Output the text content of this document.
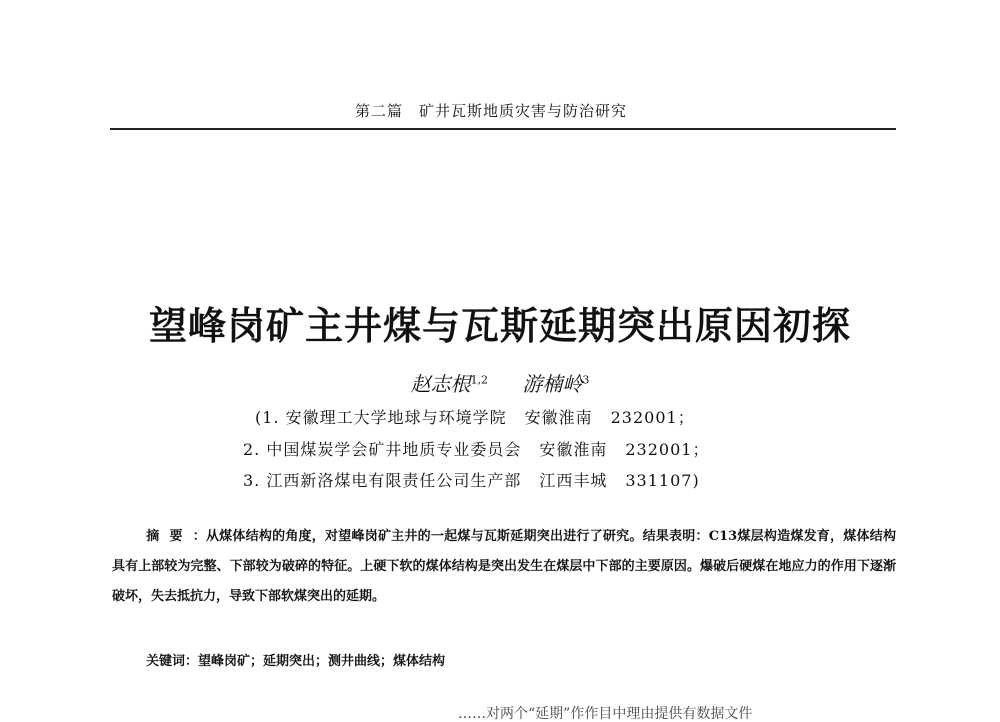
第二篇　矿井瓦斯地质灾害与防治研究
望峰岗矿主井煤与瓦斯延期突出原因初探
赵志根$^{1,2}$ 游楠岭$^3$
(1. 安徽理工大学地球与环境学院 安徽淮南 232001；
2. 中国煤炭学会矿井地质专业委员会 安徽淮南 232001；
3. 江西新洛煤电有限责任公司生产部 江西丰城 331107)
摘要：从煤体结构的角度，对望峰岗矿主井的一起煤与瓦斯延期突出进行了研究。结果表明：C13煤层构造煤发育，煤体结构具有上部较为完整、下部较为破碎的特征。上硬下软的煤体结构是突出发生在煤层中下部的主要原因。爆破后硬煤在地应力的作用下逐渐破坏，失去抵抗力，导致下部软煤突出的延期。
关键词：望峰岗矿；延期突出；测井曲线；煤体结构
……对两个“延期”作作目中理由提供有数据文件
